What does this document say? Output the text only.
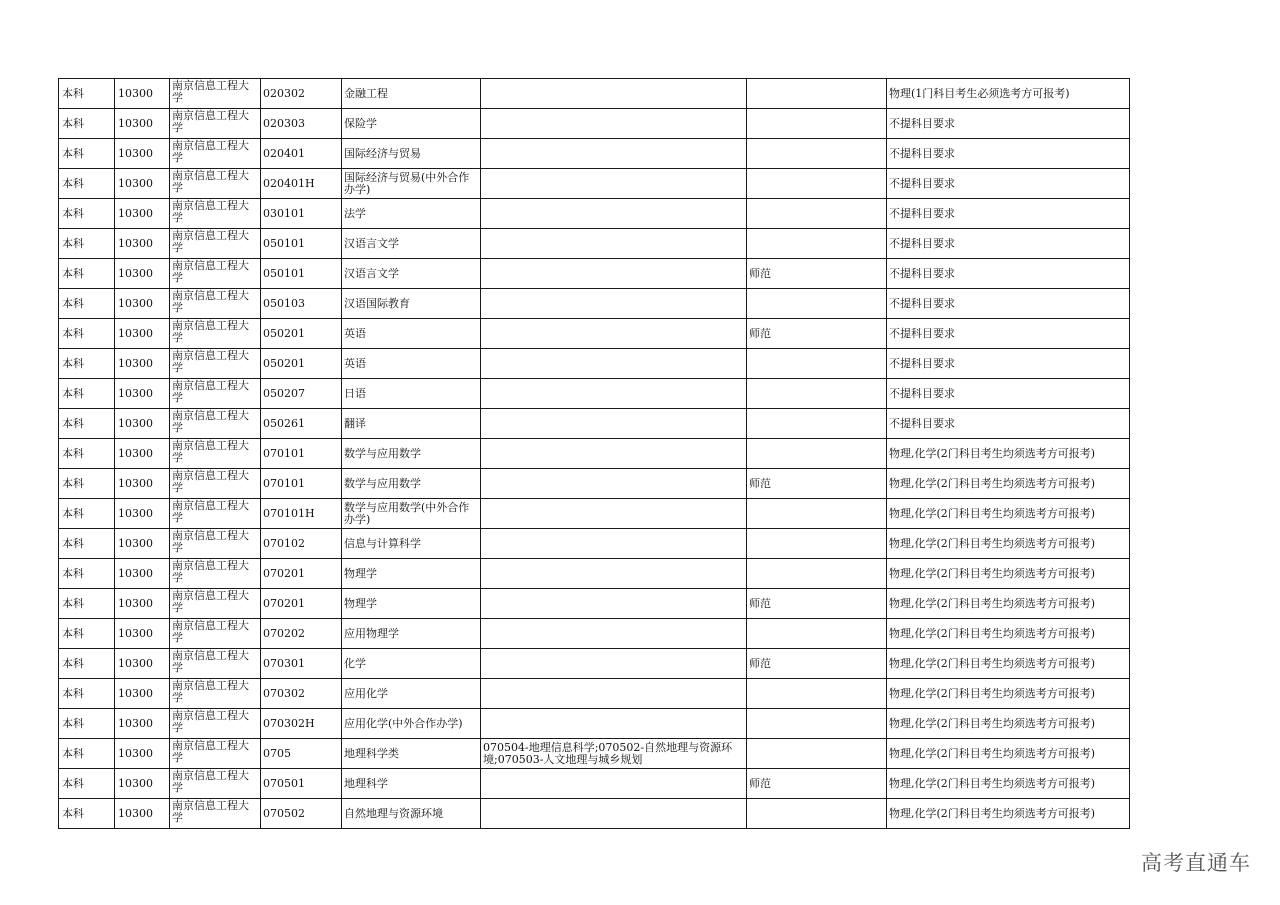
本科	10300	南京信息工程大学	020302	金融工程			物理(1门科目考生必须选考方可报考)
本科	10300	南京信息工程大学	020303	保险学			不提科目要求
本科	10300	南京信息工程大学	020401	国际经济与贸易			不提科目要求
本科	10300	南京信息工程大学	020401H	国际经济与贸易(中外合作办学)			不提科目要求
本科	10300	南京信息工程大学	030101	法学			不提科目要求
本科	10300	南京信息工程大学	050101	汉语言文学			不提科目要求
本科	10300	南京信息工程大学	050101	汉语言文学		师范	不提科目要求
本科	10300	南京信息工程大学	050103	汉语国际教育			不提科目要求
本科	10300	南京信息工程大学	050201	英语		师范	不提科目要求
本科	10300	南京信息工程大学	050201	英语			不提科目要求
本科	10300	南京信息工程大学	050207	日语			不提科目要求
本科	10300	南京信息工程大学	050261	翻译			不提科目要求
本科	10300	南京信息工程大学	070101	数学与应用数学			物理,化学(2门科目考生均须选考方可报考)
本科	10300	南京信息工程大学	070101	数学与应用数学		师范	物理,化学(2门科目考生均须选考方可报考)
本科	10300	南京信息工程大学	070101H	数学与应用数学(中外合作办学)			物理,化学(2门科目考生均须选考方可报考)
本科	10300	南京信息工程大学	070102	信息与计算科学			物理,化学(2门科目考生均须选考方可报考)
本科	10300	南京信息工程大学	070201	物理学			物理,化学(2门科目考生均须选考方可报考)
本科	10300	南京信息工程大学	070201	物理学		师范	物理,化学(2门科目考生均须选考方可报考)
本科	10300	南京信息工程大学	070202	应用物理学			物理,化学(2门科目考生均须选考方可报考)
本科	10300	南京信息工程大学	070301	化学		师范	物理,化学(2门科目考生均须选考方可报考)
本科	10300	南京信息工程大学	070302	应用化学			物理,化学(2门科目考生均须选考方可报考)
本科	10300	南京信息工程大学	070302H	应用化学(中外合作办学)			物理,化学(2门科目考生均须选考方可报考)
本科	10300	南京信息工程大学	0705	地理科学类	070504-地理信息科学;070502-自然地理与资源环境;070503-人文地理与城乡规划		物理,化学(2门科目考生均须选考方可报考)
本科	10300	南京信息工程大学	070501	地理科学		师范	物理,化学(2门科目考生均须选考方可报考)
本科	10300	南京信息工程大学	070502	自然地理与资源环境			物理,化学(2门科目考生均须选考方可报考)
高考直通车
